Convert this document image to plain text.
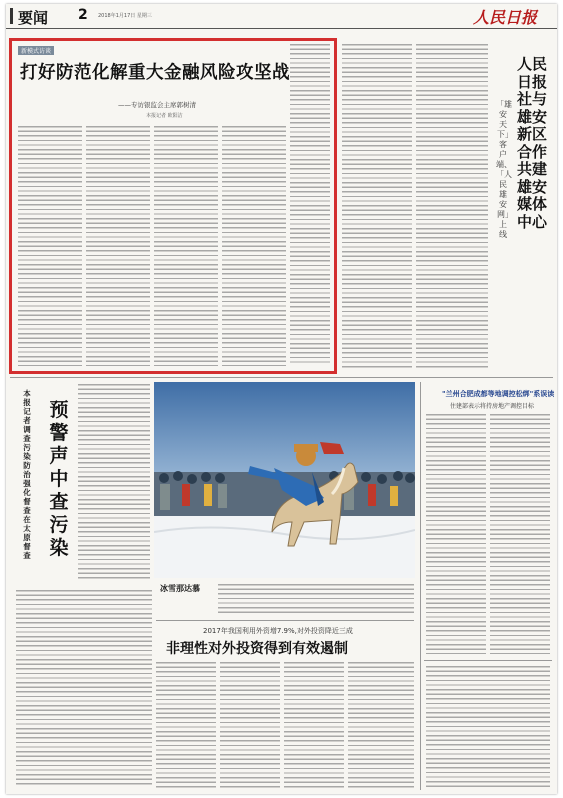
要闻 2 2018年1月17日 星期三	人民日报
新模式访谈
打好防范化解重大金融风险攻坚战
——专访银监会主席郭树清
本报记者 欧阳洁
人民日报社与雄安新区合作共建雄安媒体中心
「雄安天下」客户端、「人民雄安网」上线
本报记者调查污染防治强化督查在太原督查
预警声中查污染
冰雪那达慕
2017年我国利用外资增7.9%,对外投资降近三成
非理性对外投资得到有效遏制
"兰州合肥成都等地调控松绑"系误读
住建部表示将持房地产调控目标
